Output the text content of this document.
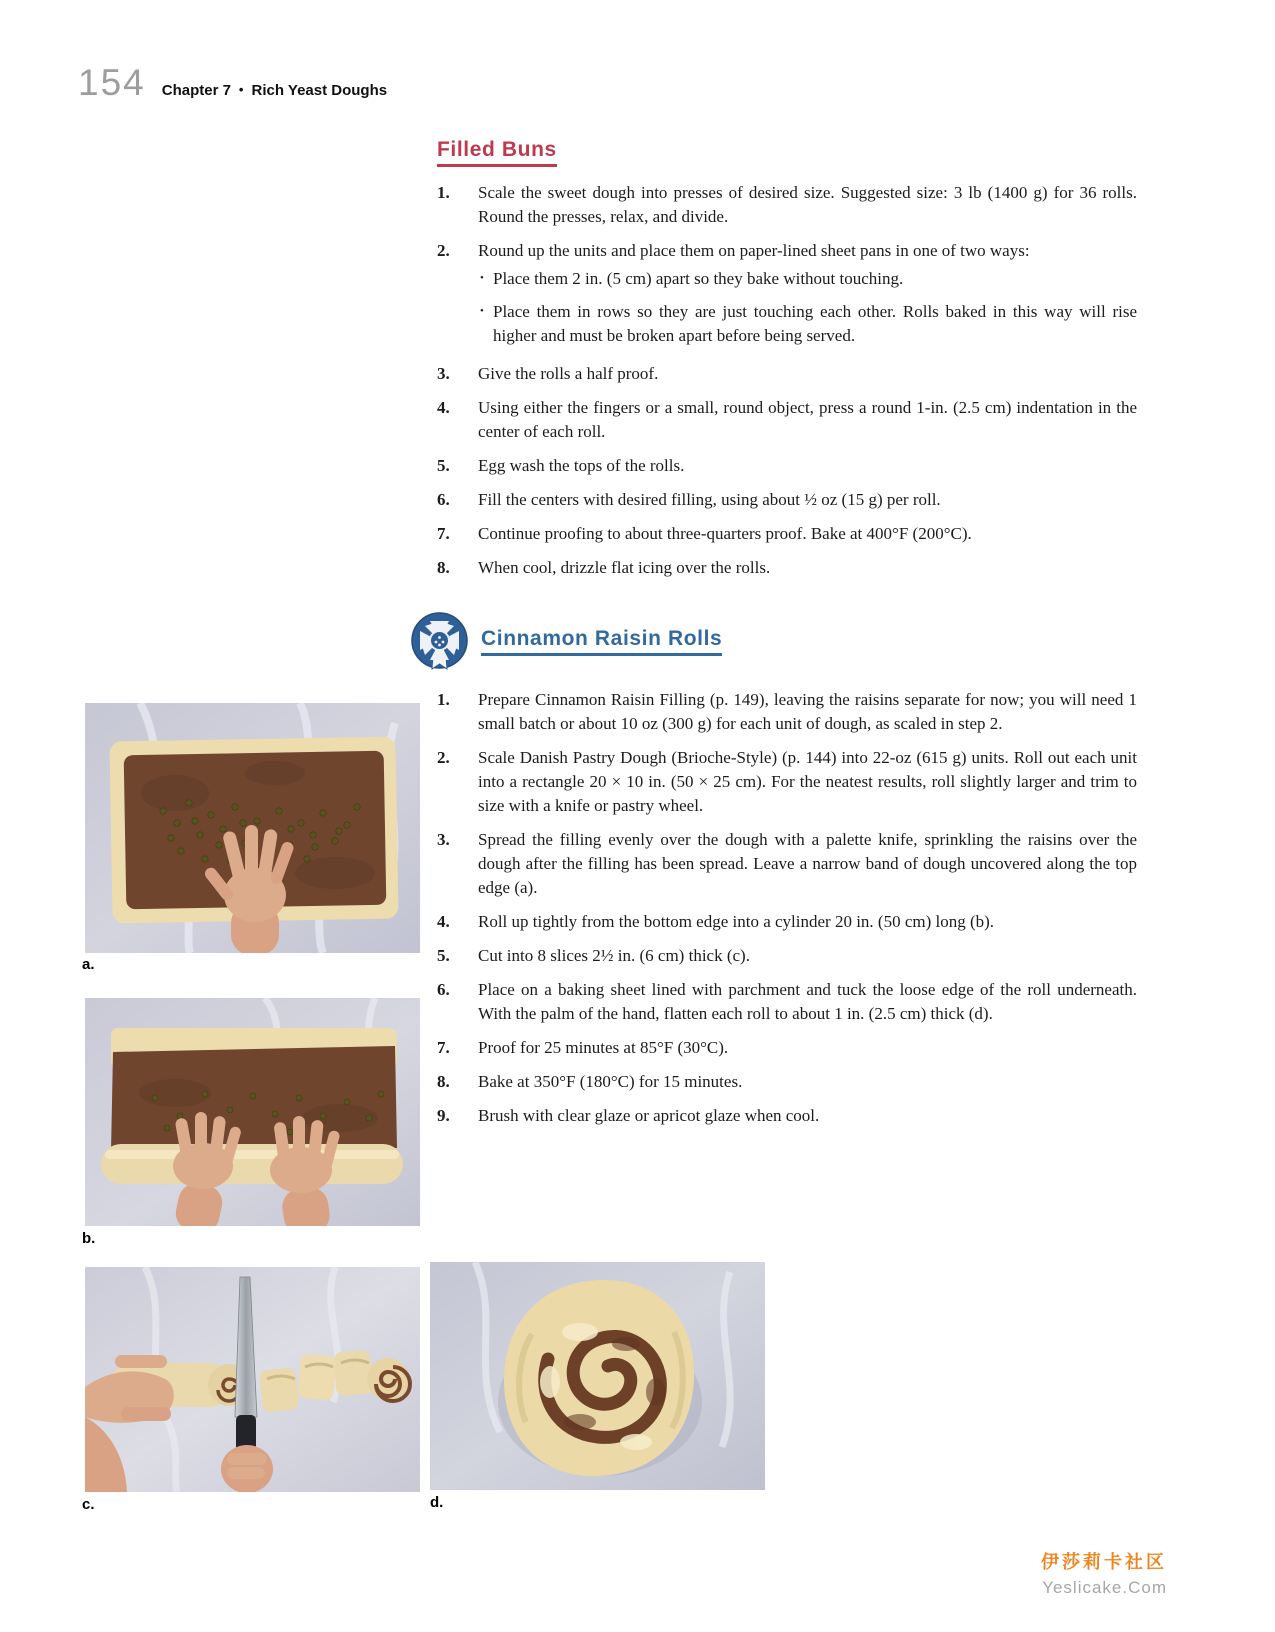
154 Chapter 7 • Rich Yeast Doughs
Filled Buns
1.	Scale the sweet dough into presses of desired size. Suggested size: 3 lb (1400 g) for 36 rolls. Round the presses, relax, and divide.
2.	Round up the units and place them on paper-lined sheet pans in one of two ways:
• Place them 2 in. (5 cm) apart so they bake without touching.
• Place them in rows so they are just touching each other. Rolls baked in this way will rise higher and must be broken apart before being served.
3.	Give the rolls a half proof.
4.	Using either the fingers or a small, round object, press a round 1-in. (2.5 cm) indentation in the center of each roll.
5.	Egg wash the tops of the rolls.
6.	Fill the centers with desired filling, using about ½ oz (15 g) per roll.
7.	Continue proofing to about three-quarters proof. Bake at 400°F (200°C).
8.	When cool, drizzle flat icing over the rolls.
Cinnamon Raisin Rolls
1.	Prepare Cinnamon Raisin Filling (p. 149), leaving the raisins separate for now; you will need 1 small batch or about 10 oz (300 g) for each unit of dough, as scaled in step 2.
2.	Scale Danish Pastry Dough (Brioche-Style) (p. 144) into 22-oz (615 g) units. Roll out each unit into a rectangle 20 × 10 in. (50 × 25 cm). For the neatest results, roll slightly larger and trim to size with a knife or pastry wheel.
3.	Spread the filling evenly over the dough with a palette knife, sprinkling the raisins over the dough after the filling has been spread. Leave a narrow band of dough uncovered along the top edge (a).
4.	Roll up tightly from the bottom edge into a cylinder 20 in. (50 cm) long (b).
5.	Cut into 8 slices 2½ in. (6 cm) thick (c).
6.	Place on a baking sheet lined with parchment and tuck the loose edge of the roll underneath. With the palm of the hand, flatten each roll to about 1 in. (2.5 cm) thick (d).
7.	Proof for 25 minutes at 85°F (30°C).
8.	Bake at 350°F (180°C) for 15 minutes.
9.	Brush with clear glaze or apricot glaze when cool.
a.
b.
c.	d.
伊莎莉卡社区
Yeslicake.Com
